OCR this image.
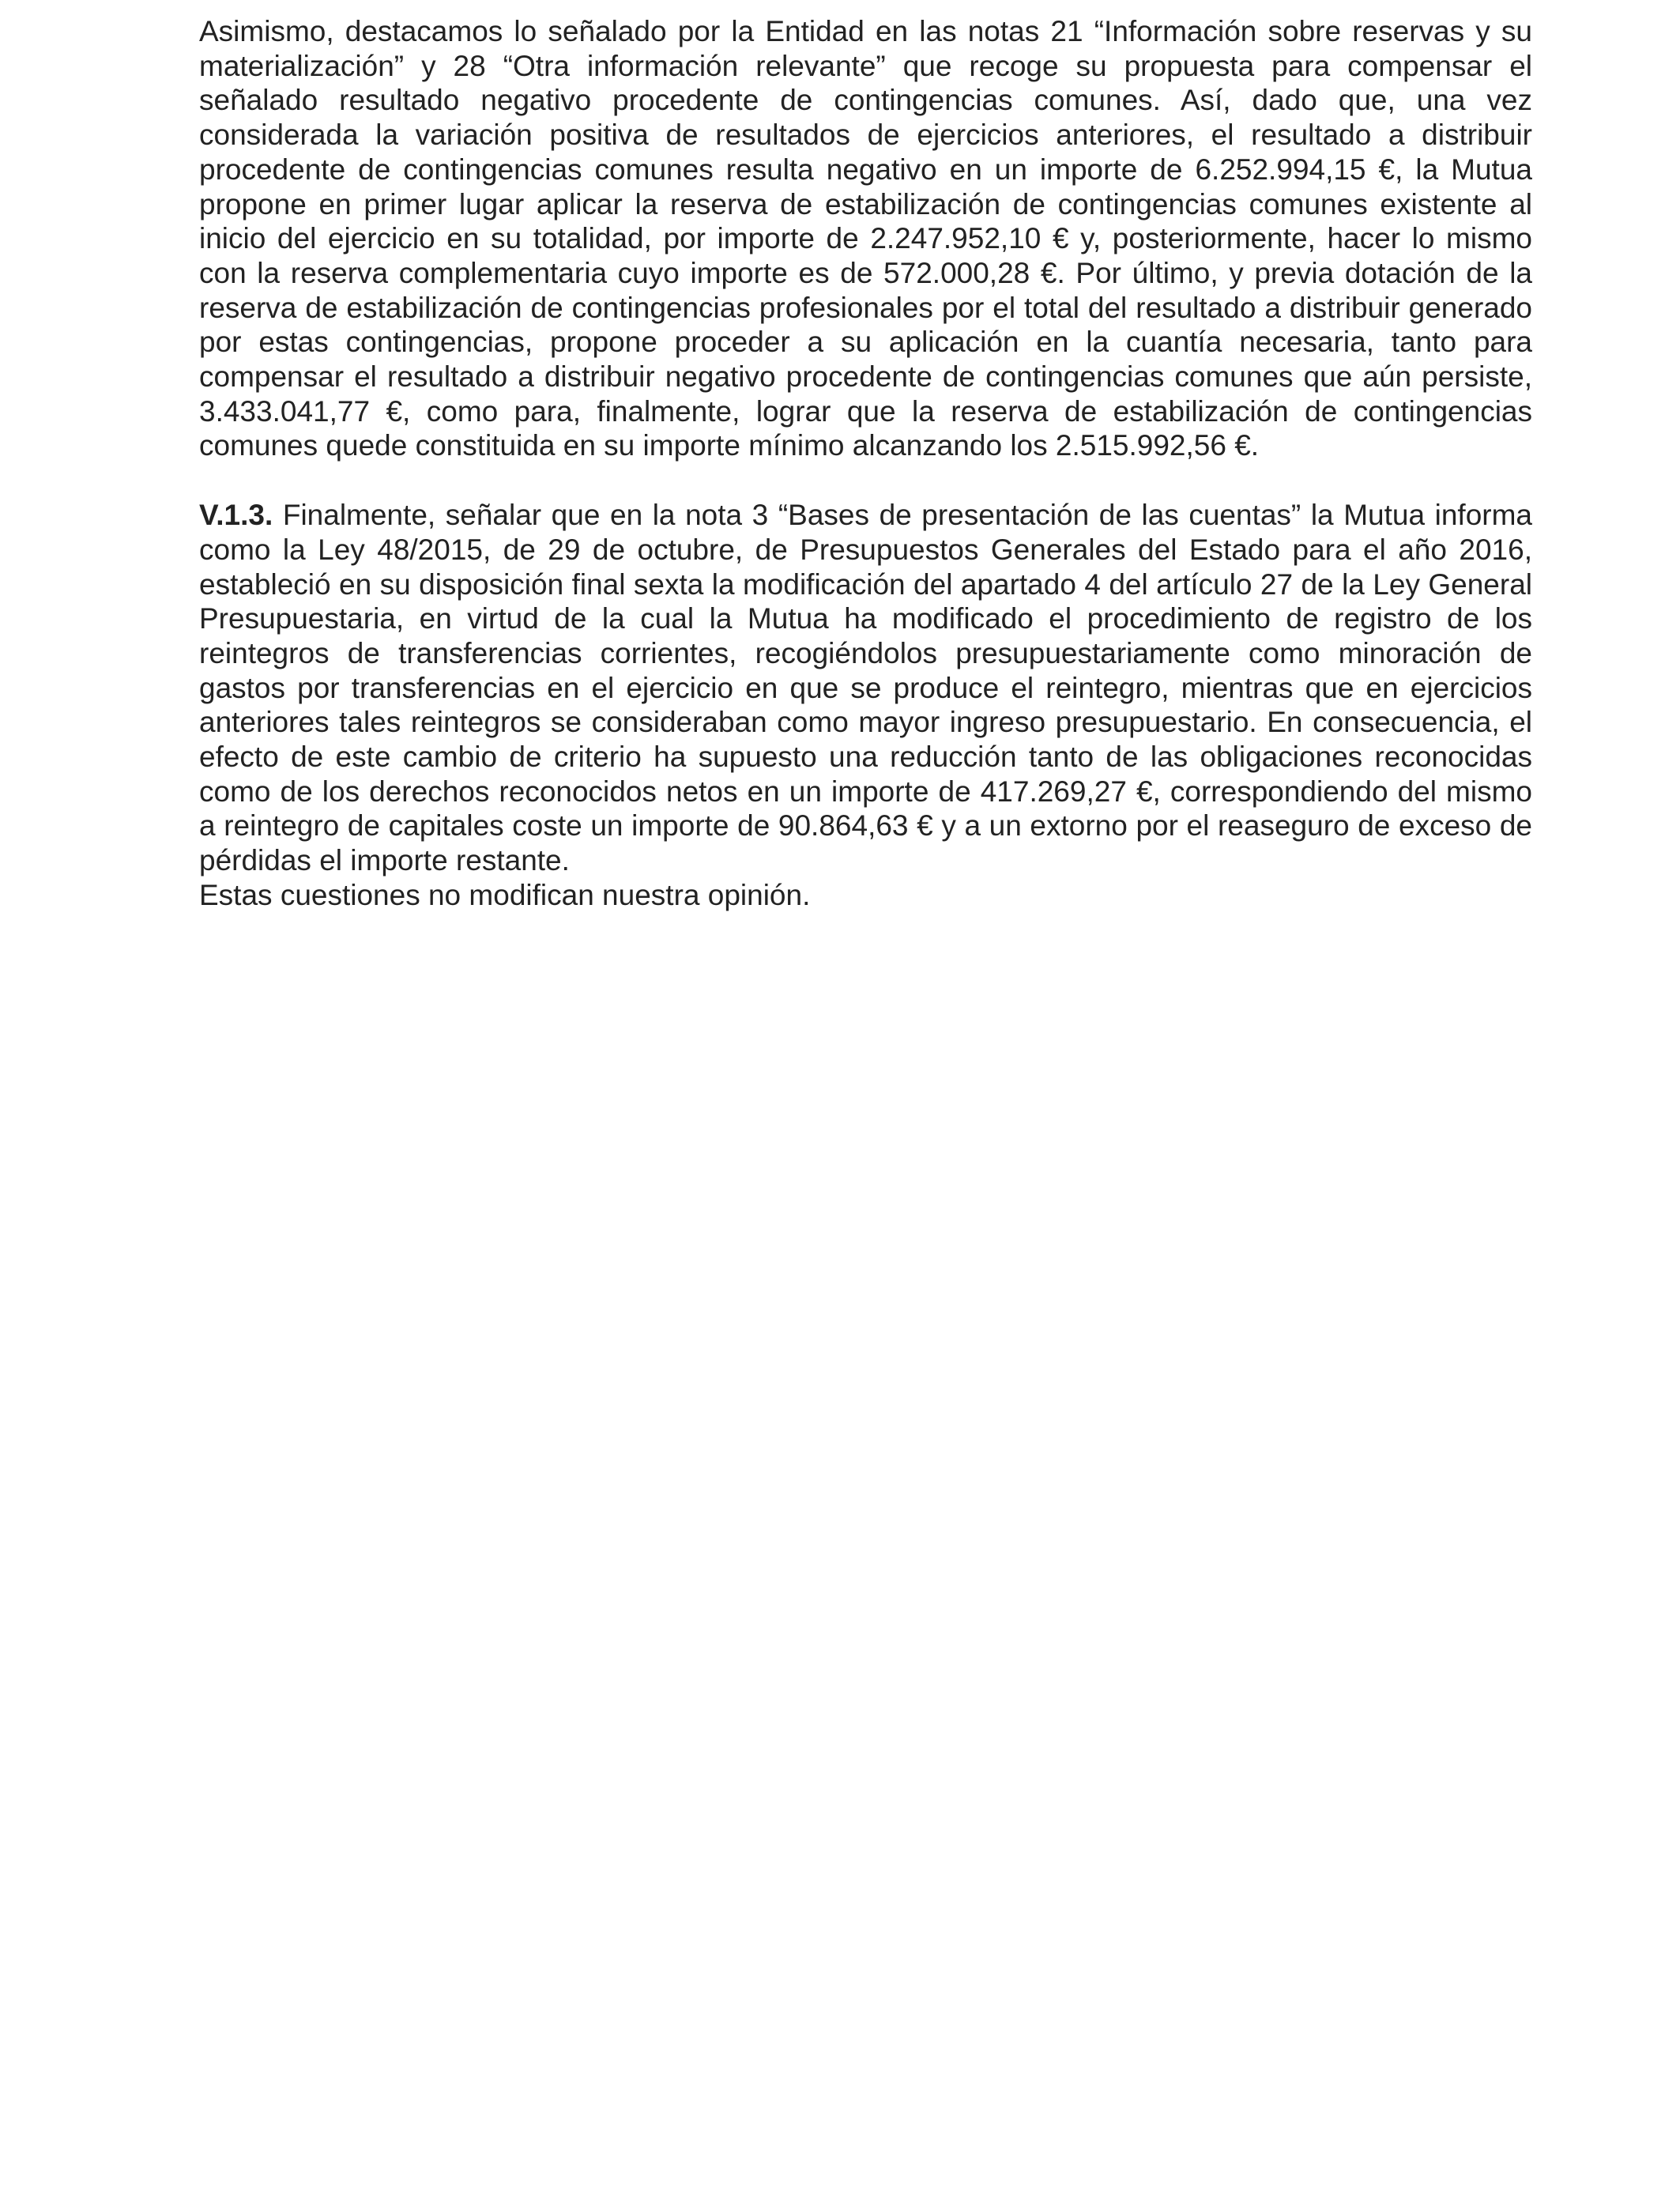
Asimismo, destacamos lo señalado por la Entidad en las notas 21 “Información sobre reservas y su materialización” y 28 “Otra información relevante” que recoge su propuesta para compensar el señalado resultado negativo procedente de contingencias comunes. Así, dado que, una vez considerada la variación positiva de resultados de ejercicios anteriores, el resultado a distribuir procedente de contingencias comunes resulta negativo en un importe de 6.252.994,15 €, la Mutua propone en primer lugar aplicar la reserva de estabilización de contingencias comunes existente al inicio del ejercicio en su totalidad, por importe de 2.247.952,10 € y, posteriormente, hacer lo mismo con la reserva complementaria cuyo importe es de 572.000,28 €. Por último, y previa dotación de la reserva de estabilización de contingencias profesionales por el total del resultado a distribuir generado por estas contingencias, propone proceder a su aplicación en la cuantía necesaria, tanto para compensar el resultado a distribuir negativo procedente de contingencias comunes que aún persiste, 3.433.041,77 €, como para, finalmente, lograr que la reserva de estabilización de contingencias comunes quede constituida en su importe mínimo alcanzando los 2.515.992,56 €.

V.1.3. Finalmente, señalar que en la nota 3 “Bases de presentación de las cuentas” la Mutua informa como la Ley 48/2015, de 29 de octubre, de Presupuestos Generales del Estado para el año 2016, estableció en su disposición final sexta la modificación del apartado 4 del artículo 27 de la Ley General Presupuestaria, en virtud de la cual la Mutua ha modificado el procedimiento de registro de los reintegros de transferencias corrientes, recogiéndolos presupuestariamente como minoración de gastos por transferencias en el ejercicio en que se produce el reintegro, mientras que en ejercicios anteriores tales reintegros se consideraban como mayor ingreso presupuestario. En consecuencia, el efecto de este cambio de criterio ha supuesto una reducción tanto de las obligaciones reconocidas como de los derechos reconocidos netos en un importe de 417.269,27 €, correspondiendo del mismo a reintegro de capitales coste un importe de 90.864,63 € y a un extorno por el reaseguro de exceso de pérdidas el importe restante.

Estas cuestiones no modifican nuestra opinión.
